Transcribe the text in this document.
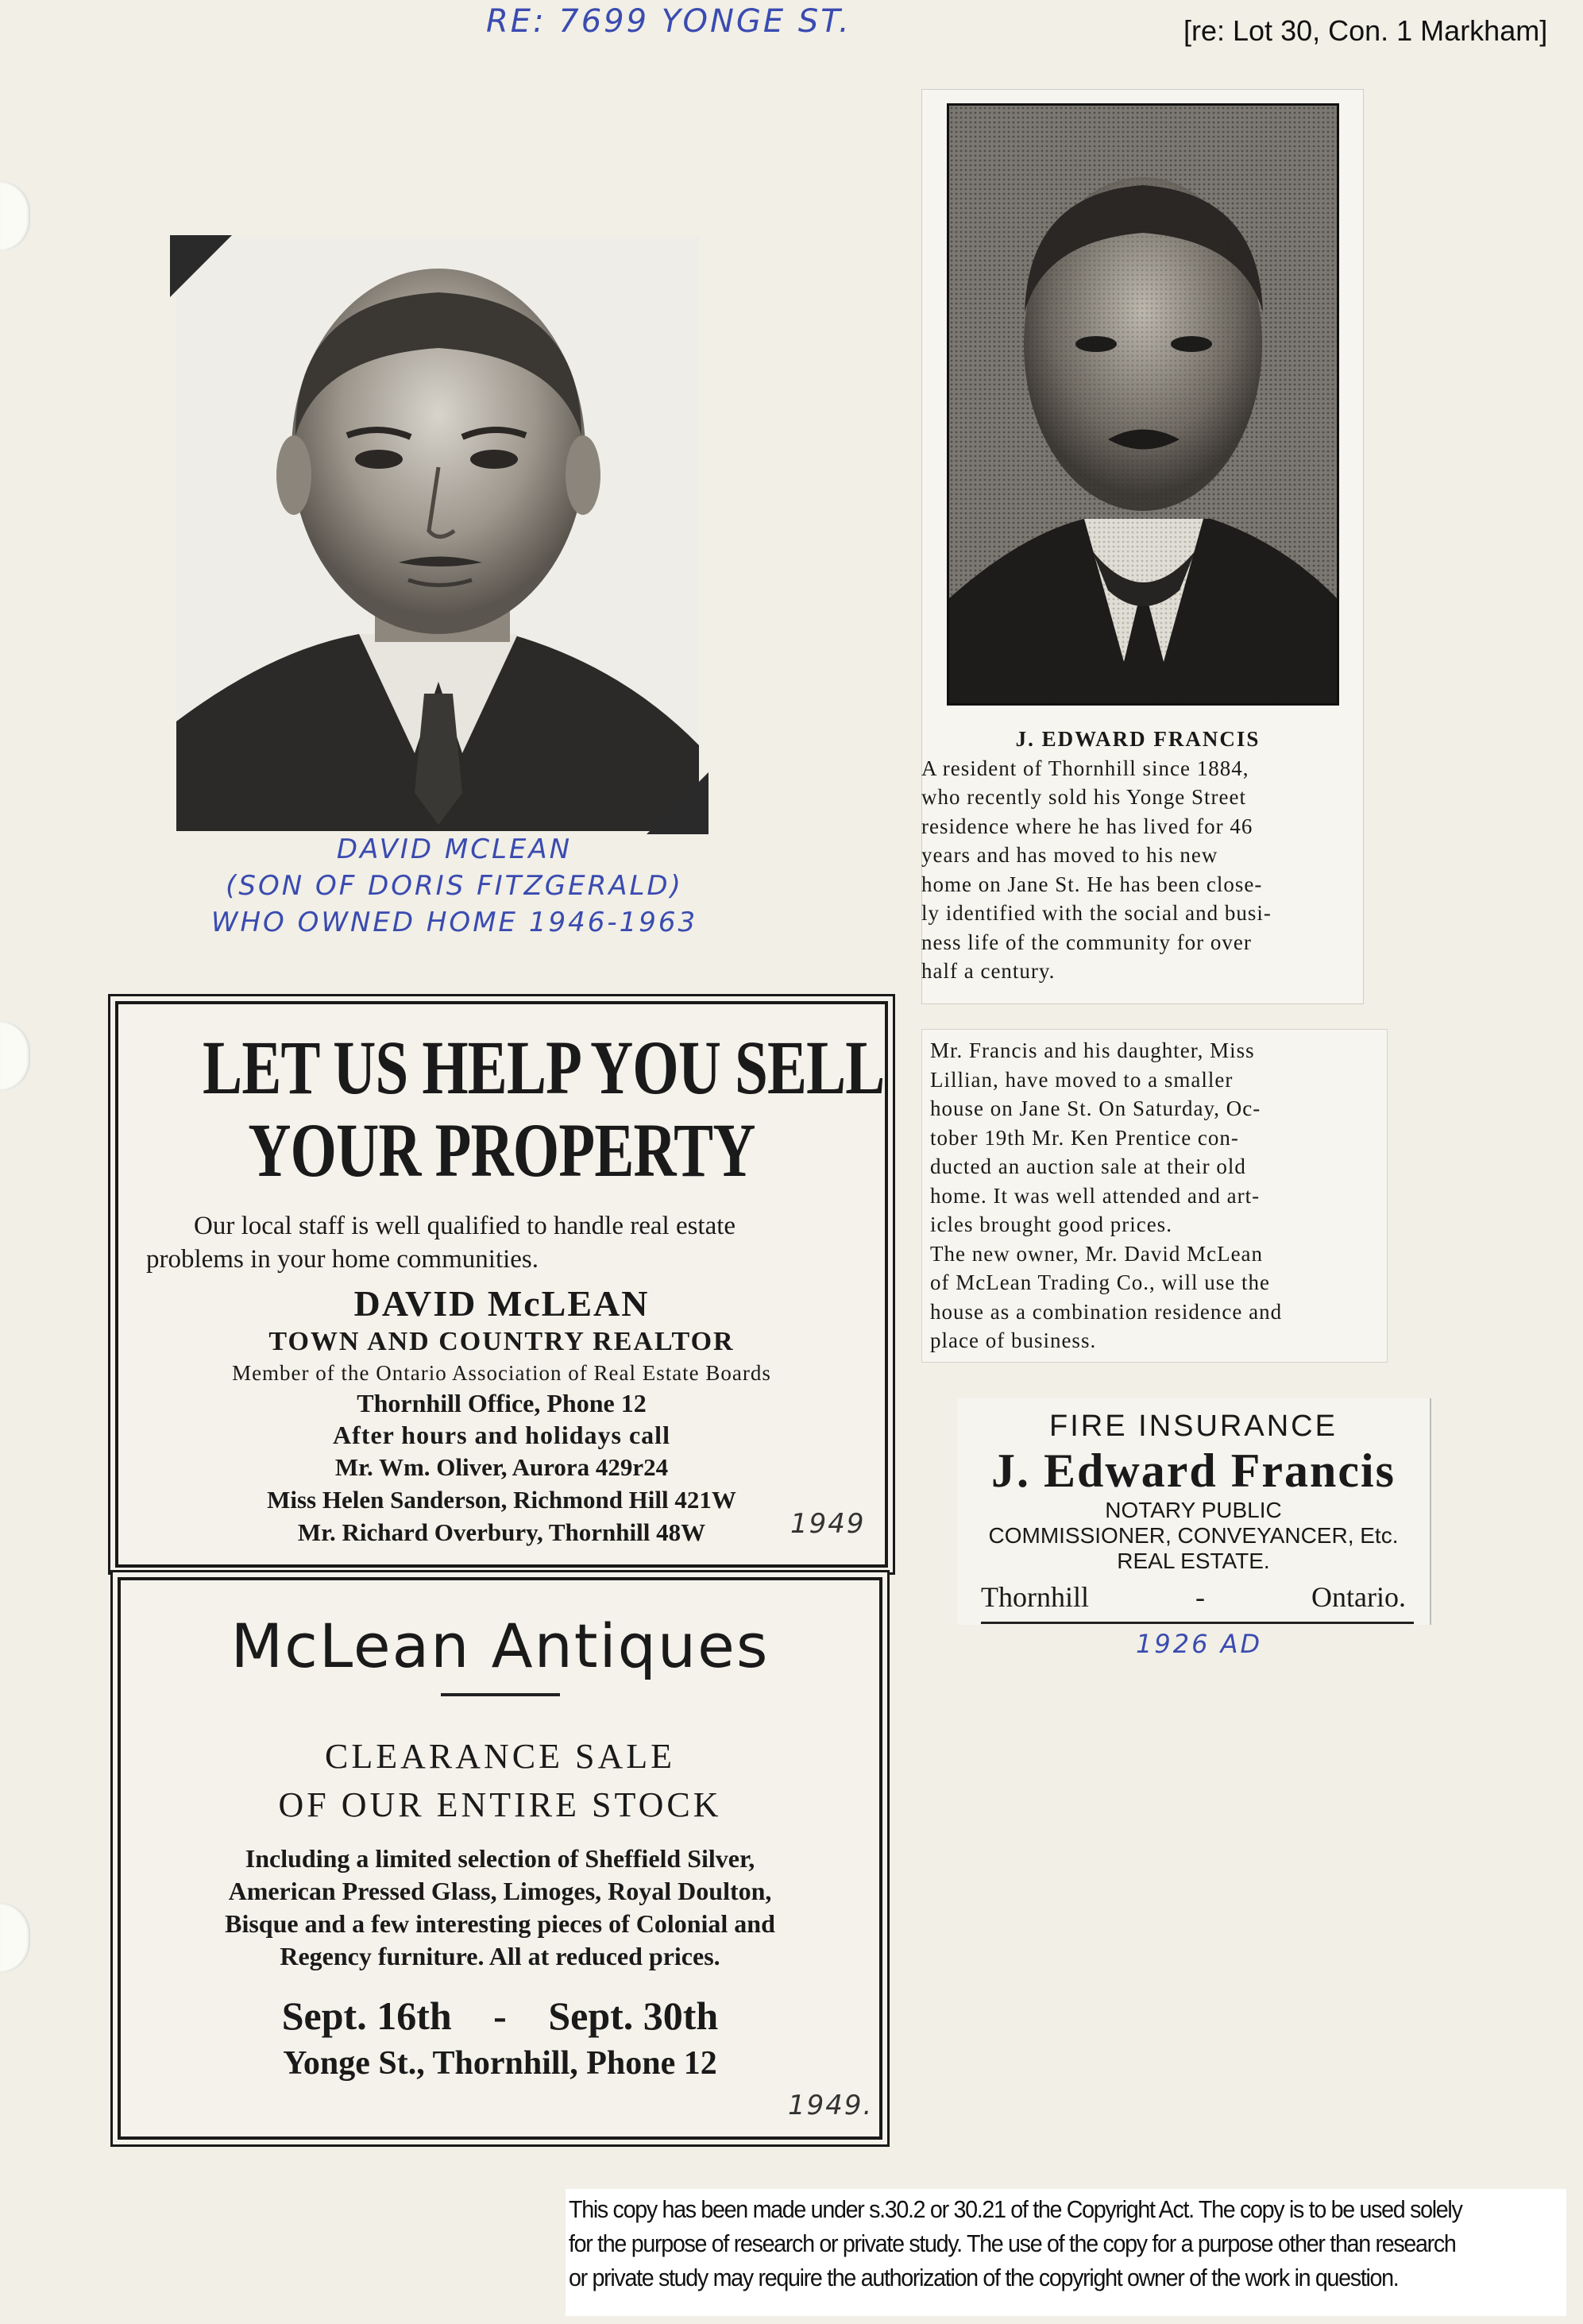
RE: 7699 YONGE ST.	[re: Lot 30, Con. 1 Markham]
DAVID MCLEAN
(SON OF DORIS FITZGERALD)
WHO OWNED HOME 1946-1963
J. EDWARD FRANCIS

A resident of Thornhill since 1884,

who recently sold his Yonge Street

residence where he has lived for 46

years and has moved to his new

home on Jane St. He has been close-

ly identified with the social and busi-

ness life of the community for over

half a century.

Mr. Francis and his daughter, Miss

Lillian, have moved to a smaller

house on Jane St. On Saturday, Oc-

tober 19th Mr. Ken Prentice con-

ducted an auction sale at their old

home. It was well attended and art-

icles brought good prices.

The new owner, Mr. David McLean

of McLean Trading Co., will use the

house as a combination residence and

place of business.

LET US HELP YOU SELL
YOUR PROPERTY
Our local staff is well qualified to handle real estate
problems in your home communities.
DAVID McLEAN
TOWN AND COUNTRY REALTOR
Member of the Ontario Association of Real Estate Boards
Thornhill Office, Phone 12
After hours and holidays call
Mr. Wm. Oliver, Aurora 429r24
Miss Helen Sanderson, Richmond Hill 421W
Mr. Richard Overbury, Thornhill 48W	1949
McLean Antiques
CLEARANCE SALE
OF OUR ENTIRE STOCK
Including a limited selection of Sheffield Silver,
American Pressed Glass, Limoges, Royal Doulton,
Bisque and a few interesting pieces of Colonial and
Regency furniture. All at reduced prices.
Sept. 16th - Sept. 30th
Yonge St., Thornhill, Phone 12
1949.
FIRE INSURANCE
J. Edward Francis
NOTARY PUBLIC
COMMISSIONER, CONVEYANCER, Etc.
REAL ESTATE.
Thornhill	-	Ontario.
1926 AD
This copy has been made under s.30.2 or 30.21 of the Copyright Act. The copy is to be used solely
for the purpose of research or private study. The use of the copy for a purpose other than research
or private study may require the authorization of the copyright owner of the work in question.
